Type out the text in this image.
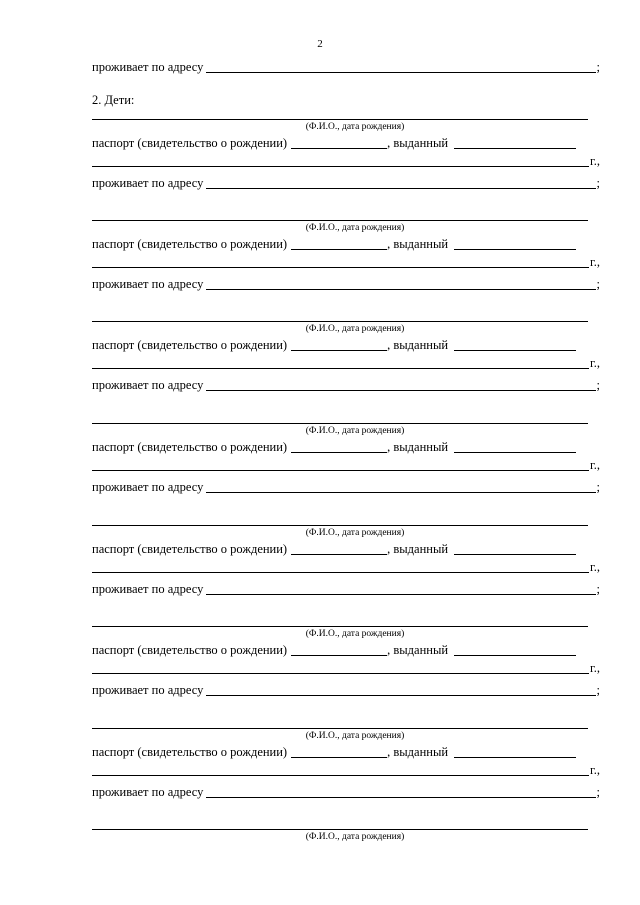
2
проживает по адресу	;
2. Дети:
(Ф.И.О., дата рождения)
паспорт (свидетельство о рождении)	, выданный
г.,
проживает по адресу	;
(Ф.И.О., дата рождения)
паспорт (свидетельство о рождении)	, выданный
г.,
проживает по адресу	;
(Ф.И.О., дата рождения)
паспорт (свидетельство о рождении)	, выданный
г.,
проживает по адресу	;
(Ф.И.О., дата рождения)
паспорт (свидетельство о рождении)	, выданный
г.,
проживает по адресу	;
(Ф.И.О., дата рождения)
паспорт (свидетельство о рождении)	, выданный
г.,
проживает по адресу	;
(Ф.И.О., дата рождения)
паспорт (свидетельство о рождении)	, выданный
г.,
проживает по адресу	;
(Ф.И.О., дата рождения)
паспорт (свидетельство о рождении)	, выданный
г.,
проживает по адресу	;
(Ф.И.О., дата рождения)
